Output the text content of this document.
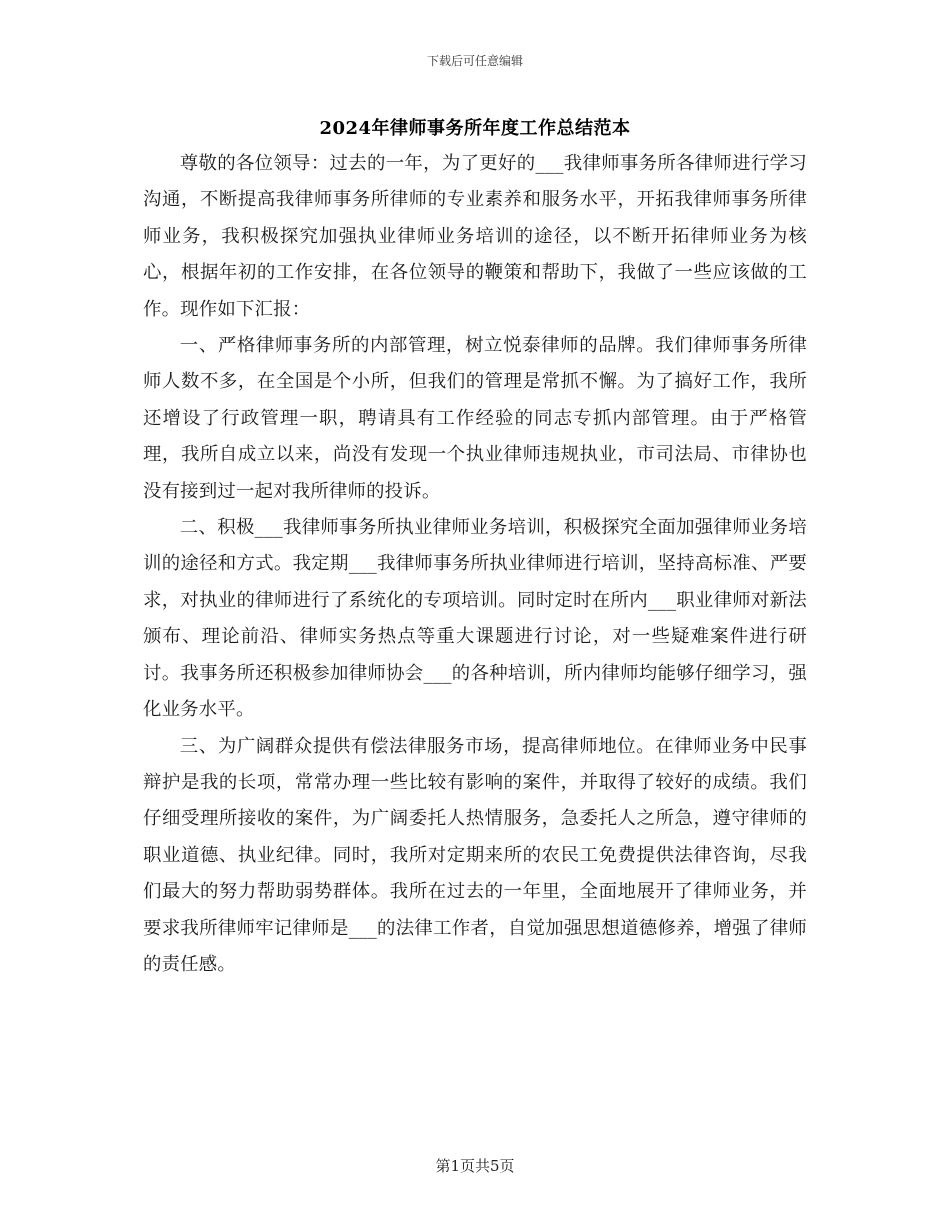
下载后可任意编辑
2024年律师事务所年度工作总结范本

尊敬的各位领导：过去的一年，为了更好的___我律师事务所各律师进行学习沟通，不断提高我律师事务所律师的专业素养和服务水平，开拓我律师事务所律师业务，我积极探究加强执业律师业务培训的途径，以不断开拓律师业务为核心，根据年初的工作安排，在各位领导的鞭策和帮助下，我做了一些应该做的工作。现作如下汇报：

一、严格律师事务所的内部管理，树立悦泰律师的品牌。我们律师事务所律师人数不多，在全国是个小所，但我们的管理是常抓不懈。为了搞好工作，我所还增设了行政管理一职，聘请具有工作经验的同志专抓内部管理。由于严格管理，我所自成立以来，尚没有发现一个执业律师违规执业，市司法局、市律协也没有接到过一起对我所律师的投诉。

二、积极___我律师事务所执业律师业务培训，积极探究全面加强律师业务培训的途径和方式。我定期___我律师事务所执业律师进行培训，坚持高标准、严要求，对执业的律师进行了系统化的专项培训。同时定时在所内___职业律师对新法颁布、理论前沿、律师实务热点等重大课题进行讨论，对一些疑难案件进行研讨。我事务所还积极参加律师协会___的各种培训，所内律师均能够仔细学习，强化业务水平。

三、为广阔群众提供有偿法律服务市场，提高律师地位。在律师业务中民事辩护是我的长项，常常办理一些比较有影响的案件，并取得了较好的成绩。我们仔细受理所接收的案件，为广阔委托人热情服务，急委托人之所急，遵守律师的职业道德、执业纪律。同时，我所对定期来所的农民工免费提供法律咨询，尽我们最大的努力帮助弱势群体。我所在过去的一年里，全面地展开了律师业务，并要求我所律师牢记律师是___的法律工作者，自觉加强思想道德修养，增强了律师的责任感。

第1页共5页
